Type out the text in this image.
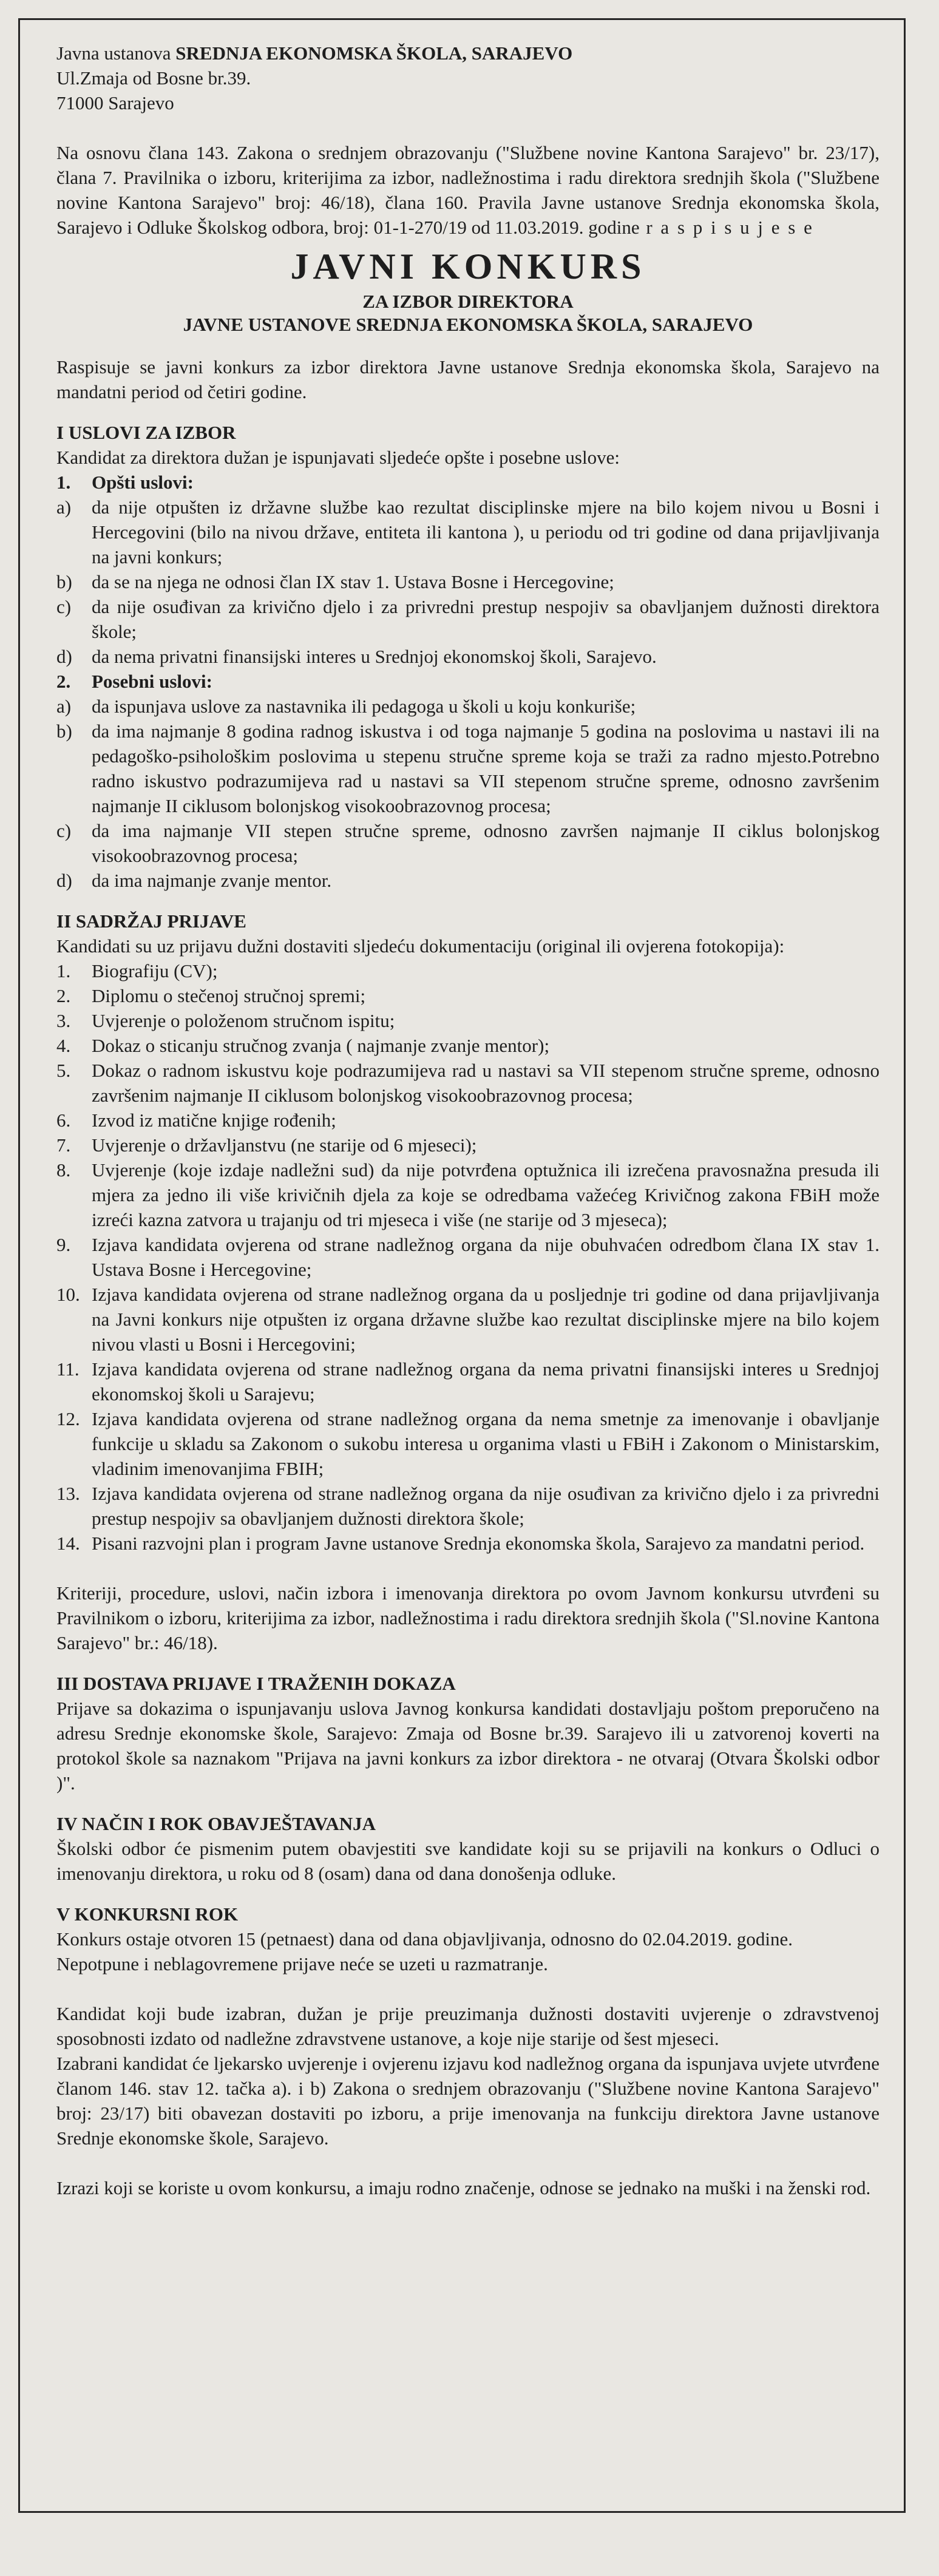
Javna ustanova SREDNJA EKONOMSKA ŠKOLA, SARAJEVO
Ul.Zmaja od Bosne br.39.
71000 Sarajevo

Na osnovu člana 143. Zakona o srednjem obrazovanju ("Službene novine Kantona Sarajevo" br. 23/17), člana 7. Pravilnika o izboru, kriterijima za izbor, nadležnostima i radu direktora srednjih škola ("Službene novine Kantona Sarajevo" broj: 46/18), člana 160. Pravila Javne ustanove Srednja ekonomska škola, Sarajevo i Odluke Školskog odbora, broj: 01-1-270/19 od 11.03.2019. godine r a s p i s u j e s e

JAVNI KONKURS
ZA IZBOR DIREKTORA
JAVNE USTANOVE SREDNJA EKONOMSKA ŠKOLA, SARAJEVO

Raspisuje se javni konkurs za izbor direktora Javne ustanove Srednja ekonomska škola, Sarajevo na mandatni period od četiri godine.

I USLOVI ZA IZBOR

Kandidat za direktora dužan je ispunjavati sljedeće opšte i posebne uslove:

1.	Opšti uslovi:
a)	da nije otpušten iz državne službe kao rezultat disciplinske mjere na bilo kojem nivou u Bosni i Hercegovini (bilo na nivou države, entiteta ili kantona ), u periodu od tri godine od dana prijavljivanja na javni konkurs;
b)	da se na njega ne odnosi član IX stav 1. Ustava Bosne i Hercegovine;
c)	da nije osuđivan za krivično djelo i za privredni prestup nespojiv sa obavljanjem dužnosti direktora škole;
d)	da nema privatni finansijski interes u Srednjoj ekonomskoj školi, Sarajevo.
2.	Posebni uslovi:
a)	da ispunjava uslove za nastavnika ili pedagoga u školi u koju konkuriše;
b)	da ima najmanje 8 godina radnog iskustva i od toga najmanje 5 godina na poslovima u nastavi ili na pedagoško-psihološkim poslovima u stepenu stručne spreme koja se traži za radno mjesto.Potrebno radno iskustvo podrazumijeva rad u nastavi sa VII stepenom stručne spreme, odnosno završenim najmanje II ciklusom bolonjskog visokoobrazovnog procesa;
c)	da ima najmanje VII stepen stručne spreme, odnosno završen najmanje II ciklus bolonjskog visokoobrazovnog procesa;
d)	da ima najmanje zvanje mentor.
II SADRŽAJ PRIJAVE

Kandidati su uz prijavu dužni dostaviti sljedeću dokumentaciju (original ili ovjerena fotokopija):

1.	Biografiju (CV);
2.	Diplomu o stečenoj stručnoj spremi;
3.	Uvjerenje o položenom stručnom ispitu;
4.	Dokaz o sticanju stručnog zvanja ( najmanje zvanje mentor);
5.	Dokaz o radnom iskustvu koje podrazumijeva rad u nastavi sa VII stepenom stručne spreme, odnosno završenim najmanje II ciklusom bolonjskog visokoobrazovnog procesa;
6.	Izvod iz matične knjige rođenih;
7.	Uvjerenje o državljanstvu (ne starije od 6 mjeseci);
8.	Uvjerenje (koje izdaje nadležni sud) da nije potvrđena optužnica ili izrečena pravosnažna presuda ili mjera za jedno ili više krivičnih djela za koje se odredbama važećeg Krivičnog zakona FBiH može izreći kazna zatvora u trajanju od tri mjeseca i više (ne starije od 3 mjeseca);
9.	Izjava kandidata ovjerena od strane nadležnog organa da nije obuhvaćen odredbom člana IX stav 1. Ustava Bosne i Hercegovine;
10. Izjava kandidata ovjerena od strane nadležnog organa da u posljednje tri godine od dana prijavljivanja na Javni konkurs nije otpušten iz organa državne službe kao rezultat disciplinske mjere na bilo kojem nivou vlasti u Bosni i Hercegovini;
11. Izjava kandidata ovjerena od strane nadležnog organa da nema privatni finansijski interes u Srednjoj ekonomskoj školi u Sarajevu;
12. Izjava kandidata ovjerena od strane nadležnog organa da nema smetnje za imenovanje i obavljanje funkcije u skladu sa Zakonom o sukobu interesa u organima vlasti u FBiH i Zakonom o Ministarskim, vladinim imenovanjima FBIH;
13. Izjava kandidata ovjerena od strane nadležnog organa da nije osuđivan za krivično djelo i za privredni prestup nespojiv sa obavljanjem dužnosti direktora škole;
14. Pisani razvojni plan i program Javne ustanove Srednja ekonomska škola, Sarajevo za mandatni period.

Kriteriji, procedure, uslovi, način izbora i imenovanja direktora po ovom Javnom konkursu utvrđeni su Pravilnikom o izboru, kriterijima za izbor, nadležnostima i radu direktora srednjih škola ("Sl.novine Kantona Sarajevo" br.: 46/18).

III DOSTAVA PRIJAVE I TRAŽENIH DOKAZA

Prijave sa dokazima o ispunjavanju uslova Javnog konkursa kandidati dostavljaju poštom preporučeno na adresu Srednje ekonomske škole, Sarajevo: Zmaja od Bosne br.39. Sarajevo ili u zatvorenoj koverti na protokol škole sa naznakom "Prijava na javni konkurs za izbor direktora - ne otvaraj (Otvara Školski odbor )".

IV NAČIN I ROK OBAVJEŠTAVANJA

Školski odbor će pismenim putem obavjestiti sve kandidate koji su se prijavili na konkurs o Odluci o imenovanju direktora, u roku od 8 (osam) dana od dana donošenja odluke.

V KONKURSNI ROK

Konkurs ostaje otvoren 15 (petnaest) dana od dana objavljivanja, odnosno do 02.04.2019. godine.

Nepotpune i neblagovremene prijave neće se uzeti u razmatranje.

Kandidat koji bude izabran, dužan je prije preuzimanja dužnosti dostaviti uvjerenje o zdravstvenoj sposobnosti izdato od nadležne zdravstvene ustanove, a koje nije starije od šest mjeseci.

Izabrani kandidat će ljekarsko uvjerenje i ovjerenu izjavu kod nadležnog organa da ispunjava uvjete utvrđene članom 146. stav 12. tačka a). i b) Zakona o srednjem obrazovanju ("Službene novine Kantona Sarajevo" broj: 23/17) biti obavezan dostaviti po izboru, a prije imenovanja na funkciju direktora Javne ustanove Srednje ekonomske škole, Sarajevo.

Izrazi koji se koriste u ovom konkursu, a imaju rodno značenje, odnose se jednako na muški i na ženski rod.
